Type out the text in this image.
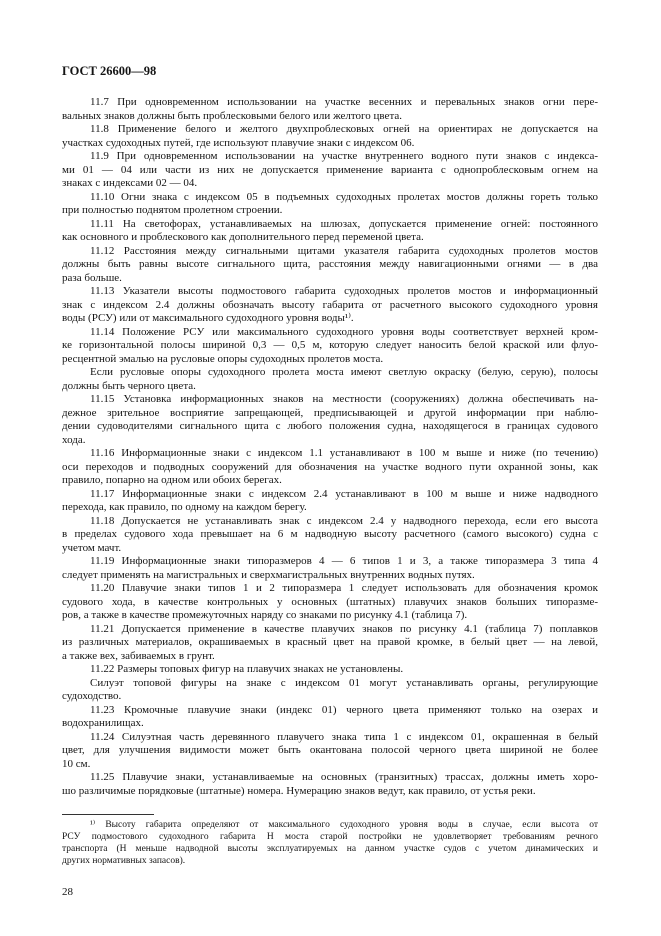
ГОСТ 26600—98
11.7 При одновременном использовании на участке весенних и перевальных знаков огни пере-
вальных знаков должны быть проблесковыми белого или желтого цвета.
11.8 Применение белого и желтого двухпроблесковых огней на ориентирах не допускается на
участках судоходных путей, где используют плавучие знаки с индексом 06.
11.9 При одновременном использовании на участке внутреннего водного пути знаков с индекса-
ми 01 — 04 или части из них не допускается применение варианта с однопроблесковым огнем на
знаках с индексами 02 — 04.
11.10 Огни знака с индексом 05 в подъемных судоходных пролетах мостов должны гореть только
при полностью поднятом пролетном строении.
11.11 На светофорах, устанавливаемых на шлюзах, допускается применение огней: постоянного
как основного и проблескового как дополнительного перед переменой цвета.
11.12 Расстояния между сигнальными щитами указателя габарита судоходных пролетов мостов
должны быть равны высоте сигнального щита, расстояния между навигационными огнями — в два
раза больше.
11.13 Указатели высоты подмостового габарита судоходных пролетов мостов и информационный
знак с индексом 2.4 должны обозначать высоту габарита от расчетного высокого судоходного уровня
воды (РСУ) или от максимального судоходного уровня воды¹⁾.
11.14 Положение РСУ или максимального судоходного уровня воды соответствует верхней кром-
ке горизонтальной полосы шириной 0,3 — 0,5 м, которую следует наносить белой краской или флуо-
ресцентной эмалью на русловые опоры судоходных пролетов моста.
Если русловые опоры судоходного пролета моста имеют светлую окраску (белую, серую), полосы
должны быть черного цвета.
11.15 Установка информационных знаков на местности (сооружениях) должна обеспечивать на-
дежное зрительное восприятие запрещающей, предписывающей и другой информации при наблю-
дении судоводителями сигнального щита с любого положения судна, находящегося в границах судового
хода.
11.16 Информационные знаки с индексом 1.1 устанавливают в 100 м выше и ниже (по течению)
оси переходов и подводных сооружений для обозначения на участке водного пути охранной зоны, как
правило, попарно на одном или обоих берегах.
11.17 Информационные знаки с индексом 2.4 устанавливают в 100 м выше и ниже надводного
перехода, как правило, по одному на каждом берегу.
11.18 Допускается не устанавливать знак с индексом 2.4 у надводного перехода, если его высота
в пределах судового хода превышает на 6 м надводную высоту расчетного (самого высокого) судна с
учетом мачт.
11.19 Информационные знаки типоразмеров 4 — 6 типов 1 и 3, а также типоразмера 3 типа 4
следует применять на магистральных и сверхмагистральных внутренних водных путях.
11.20 Плавучие знаки типов 1 и 2 типоразмера 1 следует использовать для обозначения кромок
судового хода, в качестве контрольных у основных (штатных) плавучих знаков больших типоразме-
ров, а также в качестве промежуточных наряду со знаками по рисунку 4.1 (таблица 7).
11.21 Допускается применение в качестве плавучих знаков по рисунку 4.1 (таблица 7) поплавков
из различных материалов, окрашиваемых в красный цвет на правой кромке, в белый цвет — на левой,
а также вех, забиваемых в грунт.
11.22 Размеры топовых фигур на плавучих знаках не установлены.
Силуэт топовой фигуры на знаке с индексом 01 могут устанавливать органы, регулирующие
судоходство.
11.23 Кромочные плавучие знаки (индекс 01) черного цвета применяют только на озерах и
водохранилищах.
11.24 Силуэтная часть деревянного плавучего знака типа 1 с индексом 01, окрашенная в белый
цвет, для улучшения видимости может быть окантована полосой черного цвета шириной не более
10 см.
11.25 Плавучие знаки, устанавливаемые на основных (транзитных) трассах, должны иметь хоро-
шо различимые порядковые (штатные) номера. Нумерацию знаков ведут, как правило, от устья реки.
¹⁾ Высоту габарита определяют от максимального судоходного уровня воды в случае, если высота от
РСУ подмостового судоходного габарита Н моста старой постройки не удовлетворяет требованиям речного
транспорта (Н меньше надводной высоты эксплуатируемых на данном участке судов с учетом динамических и
других нормативных запасов).
28
